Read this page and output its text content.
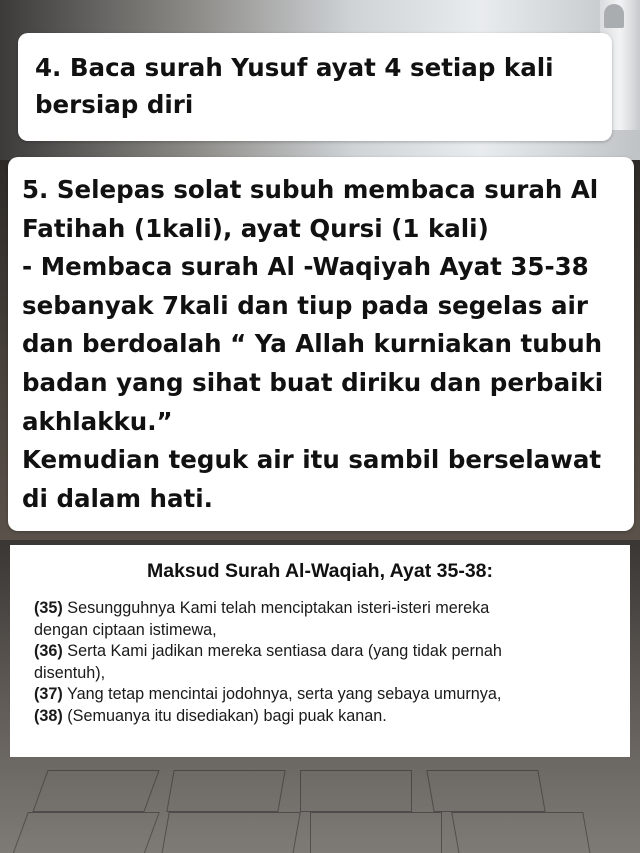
4. Baca surah Yusuf ayat 4 setiap kali
bersiap diri

5. Selepas solat subuh membaca surah Al
Fatihah (1kali), ayat Qursi (1 kali)
- Membaca surah Al -Waqiyah Ayat 35-38
sebanyak 7kali dan tiup pada segelas air
dan berdoalah “ Ya Allah kurniakan tubuh
badan yang sihat buat diriku dan perbaiki
akhlakku.”
Kemudian teguk air itu sambil berselawat
di dalam hati.

Maksud Surah Al-Waqiah, Ayat 35-38:

(35) Sesungguhnya Kami telah menciptakan isteri-isteri mereka
dengan ciptaan istimewa,

(36) Serta Kami jadikan mereka sentiasa dara (yang tidak pernah
disentuh),

(37) Yang tetap mencintai jodohnya, serta yang sebaya umurnya,

(38) (Semuanya itu disediakan) bagi puak kanan.
